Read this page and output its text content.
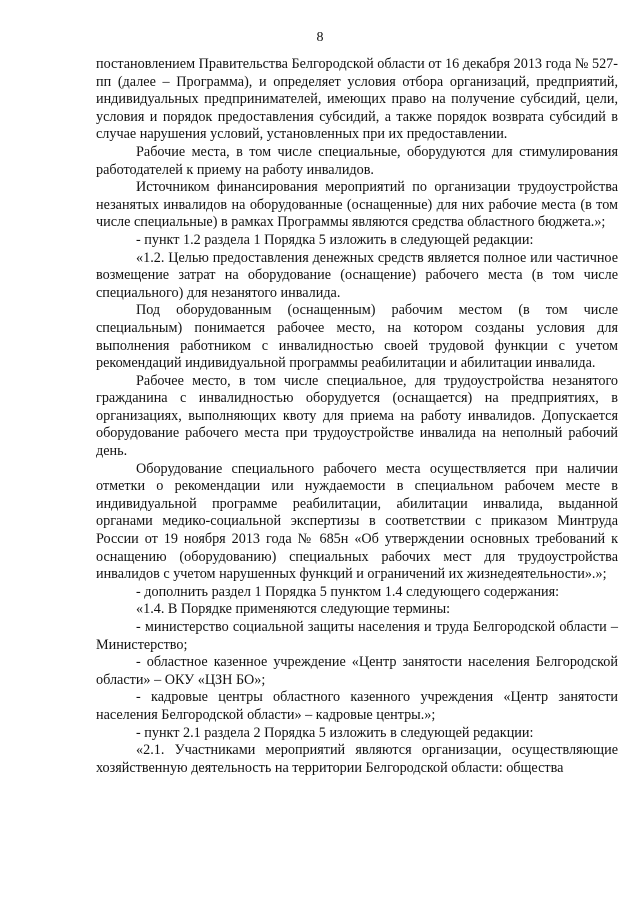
8

постановлением Правительства Белгородской области от 16 декабря 2013 года № 527-пп (далее – Программа), и определяет условия отбора организаций, предприятий, индивидуальных предпринимателей, имеющих право на получение субсидий, цели, условия и порядок предоставления субсидий, а также порядок возврата субсидий в случае нарушения условий, установленных при их предоставлении.

Рабочие места, в том числе специальные, оборудуются для стимулирования работодателей к приему на работу инвалидов.

Источником финансирования мероприятий по организации трудоустройства незанятых инвалидов на оборудованные (оснащенные) для них рабочие места (в том числе специальные) в рамках Программы являются средства областного бюджета.»;

- пункт 1.2 раздела 1 Порядка 5 изложить в следующей редакции:

«1.2. Целью предоставления денежных средств является полное или частичное возмещение затрат на оборудование (оснащение) рабочего места (в том числе специального) для незанятого инвалида.

Под оборудованным (оснащенным) рабочим местом (в том числе специальным) понимается рабочее место, на котором созданы условия для выполнения работником с инвалидностью своей трудовой функции с учетом рекомендаций индивидуальной программы реабилитации и абилитации инвалида.

Рабочее место, в том числе специальное, для трудоустройства незанятого гражданина с инвалидностью оборудуется (оснащается) на предприятиях, в организациях, выполняющих квоту для приема на работу инвалидов. Допускается оборудование рабочего места при трудоустройстве инвалида на неполный рабочий день.

Оборудование специального рабочего места осуществляется при наличии отметки о рекомендации или нуждаемости в специальном рабочем месте в индивидуальной программе реабилитации, абилитации инвалида, выданной органами медико-социальной экспертизы в соответствии с приказом Минтруда России от 19 ноября 2013 года № 685н «Об утверждении основных требований к оснащению (оборудованию) специальных рабочих мест для трудоустройства инвалидов с учетом нарушенных функций и ограничений их жизнедеятельности».»;

- дополнить раздел 1 Порядка 5 пунктом 1.4 следующего содержания:

«1.4. В Порядке применяются следующие термины:

- министерство социальной защиты населения и труда Белгородской области – Министерство;

- областное казенное учреждение «Центр занятости населения Белгородской области» – ОКУ «ЦЗН БО»;

- кадровые центры областного казенного учреждения «Центр занятости населения Белгородской области» – кадровые центры.»;

- пункт 2.1 раздела 2 Порядка 5 изложить в следующей редакции:

«2.1. Участниками мероприятий являются организации, осуществляющие хозяйственную деятельность на территории Белгородской области: общества
